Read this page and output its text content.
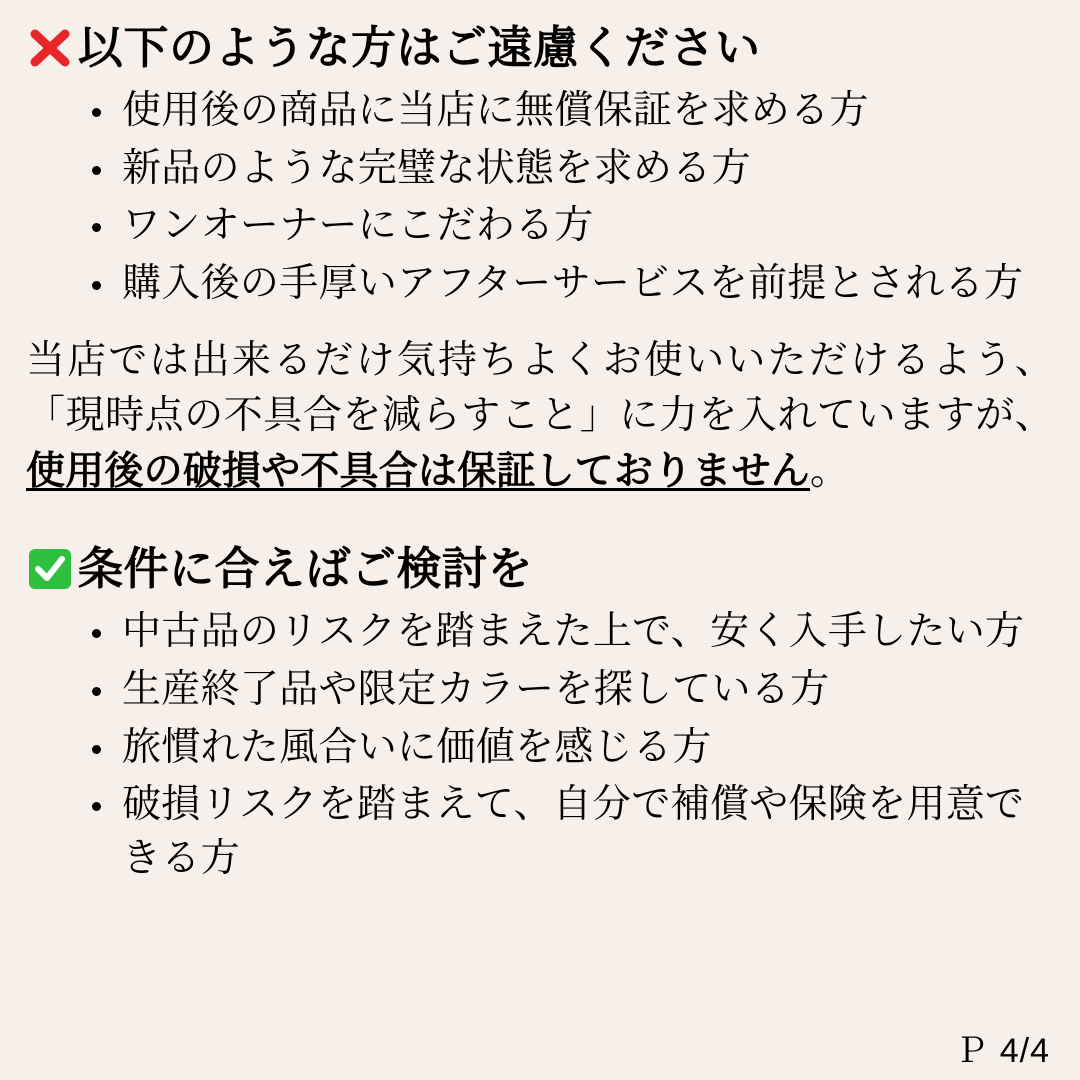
以下のような方はご遠慮ください
使用後の商品に当店に無償保証を求める方
新品のような完璧な状態を求める方
ワンオーナーにこだわる方
購入後の手厚いアフターサービスを前提とされる方

当店では出来るだけ気持ちよくお使いいただけるよう、「現時点の不具合を減らすこと」に力を入れていますが、 使用後の破損や不具合は保証しておりません。

条件に合えばご検討を
中古品のリスクを踏まえた上で、安く入手したい方
生産終了品や限定カラーを探している方
旅慣れた風合いに価値を感じる方
破損リスクを踏まえて、自分で補償や保険を用意できる方
Ｐ 4/4
